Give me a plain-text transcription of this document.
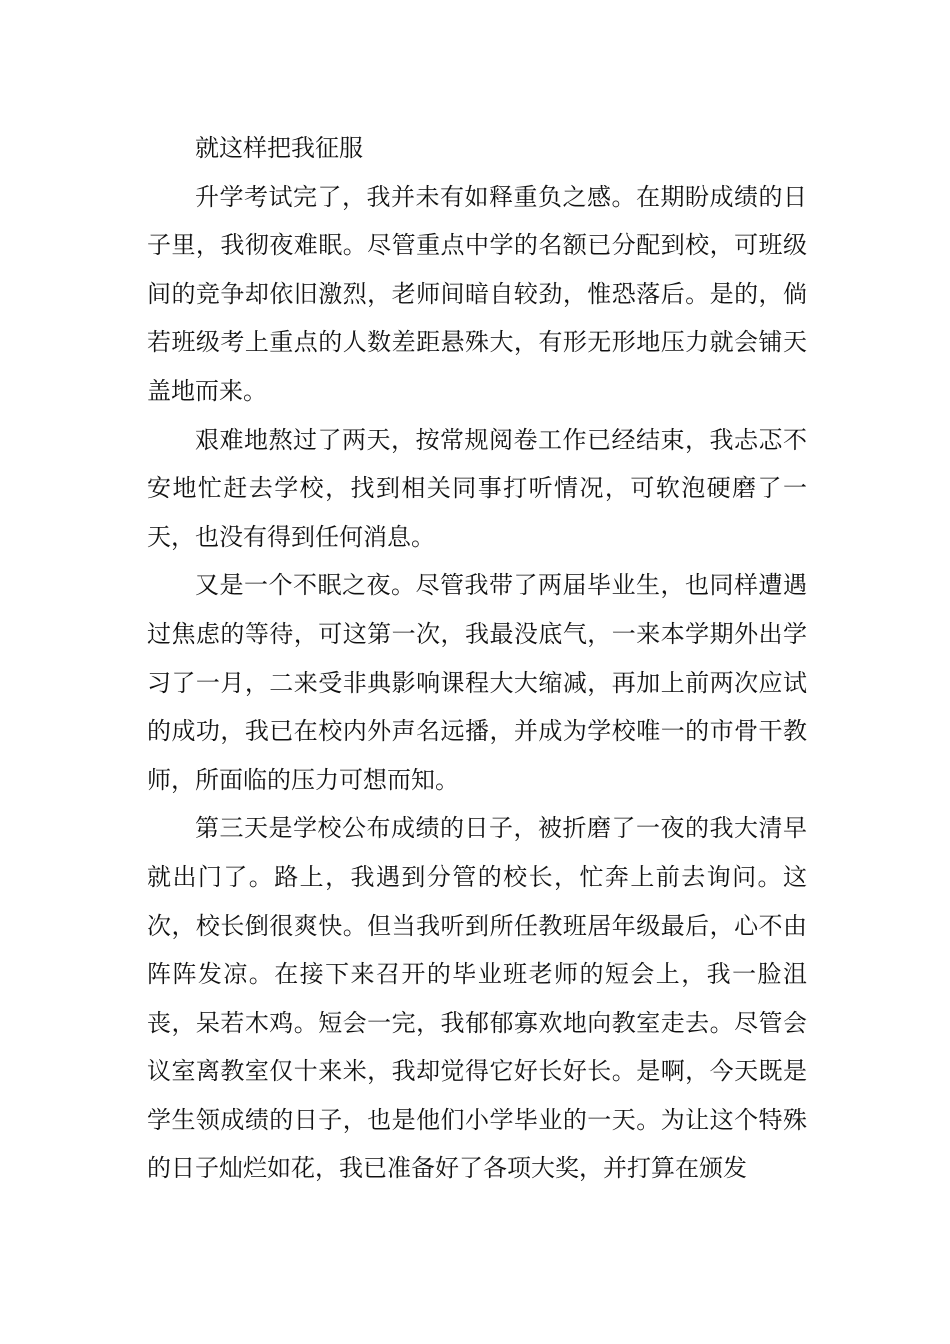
就这样把我征服

升学考试完了，我并未有如释重负之感。在期盼成绩的日子里，我彻夜难眠。尽管重点中学的名额已分配到校，可班级间的竞争却依旧激烈，老师间暗自较劲，惟恐落后。是的，倘若班级考上重点的人数差距悬殊大，有形无形地压力就会铺天盖地而来。

艰难地熬过了两天，按常规阅卷工作已经结束，我忐忑不安地忙赶去学校，找到相关同事打听情况，可软泡硬磨了一天，也没有得到任何消息。

又是一个不眠之夜。尽管我带了两届毕业生，也同样遭遇过焦虑的等待，可这第一次，我最没底气，一来本学期外出学习了一月，二来受非典影响课程大大缩减，再加上前两次应试的成功，我已在校内外声名远播，并成为学校唯一的市骨干教师，所面临的压力可想而知。

第三天是学校公布成绩的日子，被折磨了一夜的我大清早就出门了。路上，我遇到分管的校长，忙奔上前去询问。这次，校长倒很爽快。但当我听到所任教班居年级最后，心不由阵阵发凉。在接下来召开的毕业班老师的短会上，我一脸沮丧，呆若木鸡。短会一完，我郁郁寡欢地向教室走去。尽管会议室离教室仅十来米，我却觉得它好长好长。是啊，今天既是学生领成绩的日子，也是他们小学毕业的一天。为让这个特殊的日子灿烂如花，我已准备好了各项大奖，并打算在颁发
